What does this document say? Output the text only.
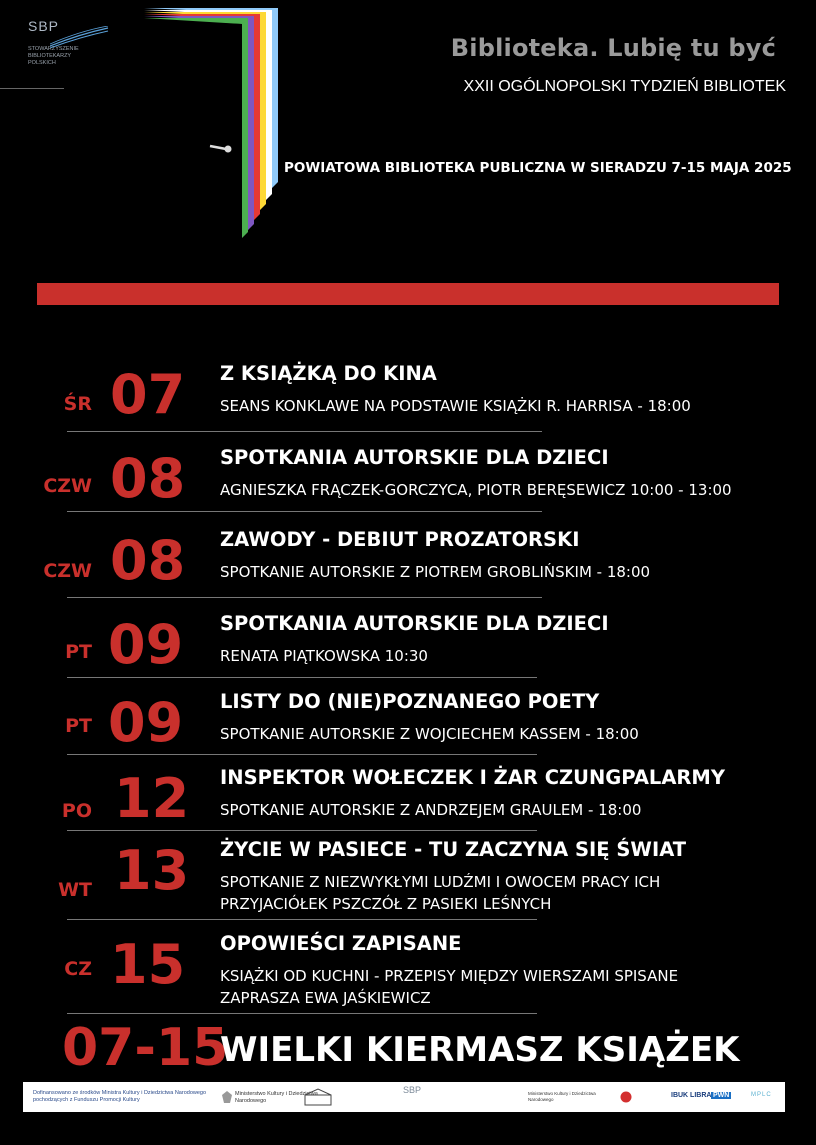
SBP
STOWARZYSZENIE
BIBLIOTEKARZY
POLSKICH
Biblioteka. Lubię tu być
XXII OGÓLNOPOLSKI TYDZIEŃ BIBLIOTEK
POWIATOWA BIBLIOTEKA PUBLICZNA W SIERADZU 7-15 MAJA 2025
ŚR 07 Z KSIĄŻKĄ DO KINA
SEANS KONKLAWE NA PODSTAWIE KSIĄŻKI R. HARRISA - 18:00
CZW 08 SPOTKANIA AUTORSKIE DLA DZIECI
AGNIESZKA FRĄCZEK-GORCZYCA, PIOTR BERĘSEWICZ 10:00 - 13:00
CZW 08 ZAWODY - DEBIUT PROZATORSKI
SPOTKANIE AUTORSKIE Z PIOTREM GROBLIŃSKIM - 18:00
PT 09 SPOTKANIA AUTORSKIE DLA DZIECI
RENATA PIĄTKOWSKA 10:30
PT 09 LISTY DO (NIE)POZNANEGO POETY
SPOTKANIE AUTORSKIE Z WOJCIECHEM KASSEM - 18:00
PO 12 INSPEKTOR WOŁECZEK I ŻAR CZUNGPALARMY
SPOTKANIE AUTORSKIE Z ANDRZEJEM GRAULEM - 18:00
WT 13 ŻYCIE W PASIECE - TU ZACZYNA SIĘ ŚWIAT
SPOTKANIE Z NIEZWYKŁYMI LUDŹMI I OWOCEM PRACY ICH
PRZYJACIÓŁEK PSZCZÓŁ Z PASIEKI LEŚNYCH
CZ 15 OPOWIEŚCI ZAPISANE
KSIĄŻKI OD KUCHNI - PRZEPISY MIĘDZY WIERSZAMI SPISANE
ZAPRASZA EWA JAŚKIEWICZ
07-15
WIELKI KIERMASZ KSIĄŻEK
Dofinansowano ze środków Ministra Kultury i Dziedzictwa Narodowego pochodzących z Funduszu Promocji Kultury
Ministerstwo Kultury i Dziedzictwa Narodowego
SBP	Ministerstwo Kultury i Dziedzictwa Narodowego
IBUK LIBRA PWN	MPLC
